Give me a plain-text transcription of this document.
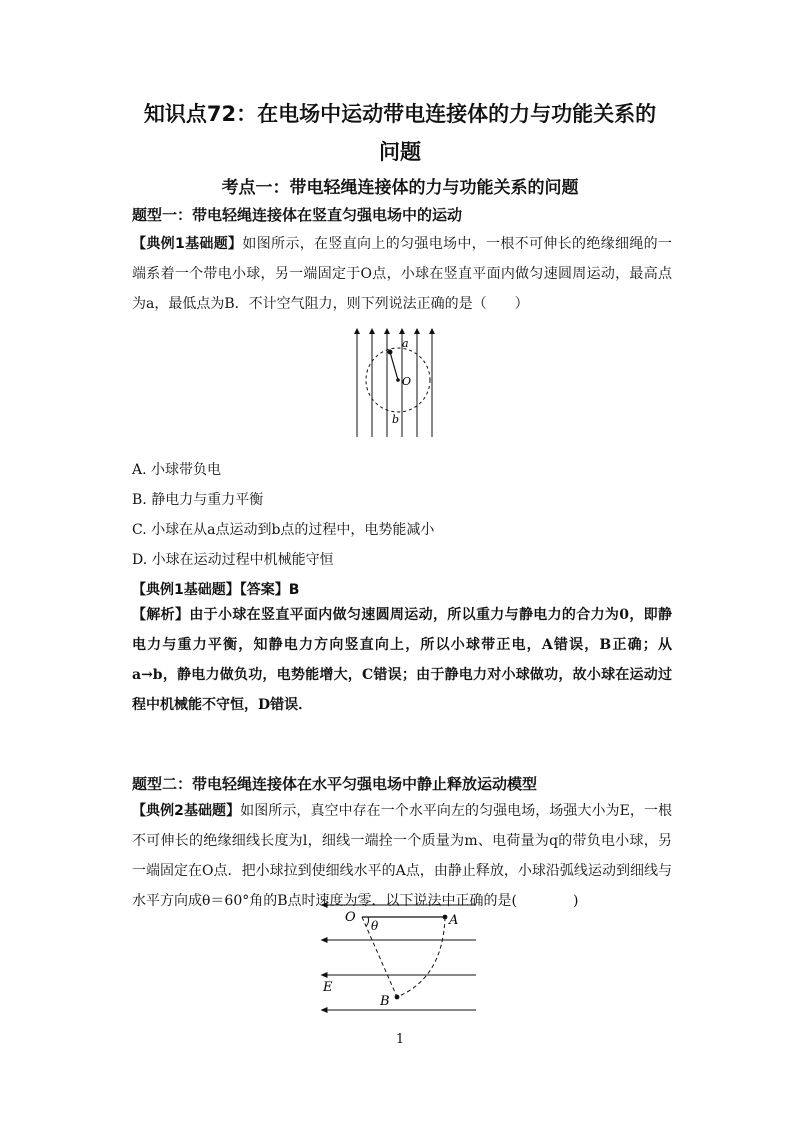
知识点72：在电场中运动带电连接体的力与功能关系的
问题
考点一：带电轻绳连接体的力与功能关系的问题
题型一：带电轻绳连接体在竖直匀强电场中的运动
【典例1基础题】如图所示，在竖直向上的匀强电场中，一根不可伸长的绝缘细绳的一端系着一个带电小球，另一端固定于O点，小球在竖直平面内做匀速圆周运动，最高点为a，最低点为B．不计空气阻力，则下列说法正确的是（　　）
a
O
b
A. 小球带负电
B. 静电力与重力平衡
C. 小球在从a点运动到b点的过程中，电势能减小
D. 小球在运动过程中机械能守恒
【典例1基础题】【答案】B
【解析】由于小球在竖直平面内做匀速圆周运动，所以重力与静电力的合力为0，即静电力与重力平衡，知静电力方向竖直向上，所以小球带正电，A错误，B正确；从a→b，静电力做负功，电势能增大，C错误；由于静电力对小球做功，故小球在运动过程中机械能不守恒，D错误．
题型二：带电轻绳连接体在水平匀强电场中静止释放运动模型
【典例2基础题】如图所示，真空中存在一个水平向左的匀强电场，场强大小为E，一根不可伸长的绝缘细线长度为l，细线一端拴一个质量为m、电荷量为q的带负电小球，另一端固定在O点．把小球拉到使细线水平的A点，由静止释放，小球沿弧线运动到细线与水平方向成θ＝60°角的B点时速度为零．以下说法中正确的是(　　　　)
O	A
θ
E
B
1
